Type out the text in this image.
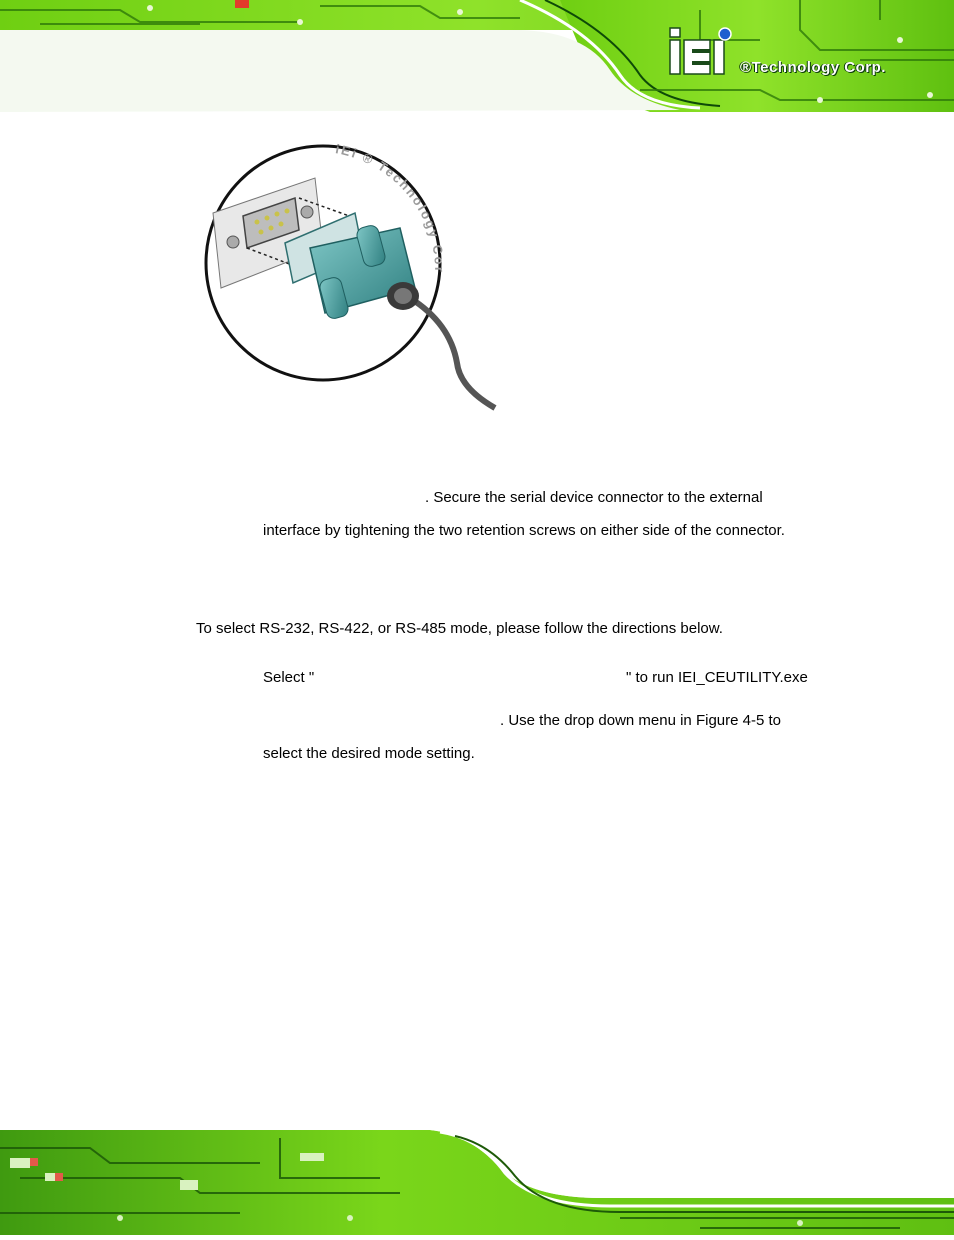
®Technology Corp.
iEi ® Technology Cor
. Secure the serial device connector to the external
interface by tightening the two retention screws on either side of the connector.
To select RS-232, RS-422, or RS-485 mode, please follow the directions below.
Select "	" to run IEI_CEUTILITY.exe
. Use the drop down menu in Figure 4-5 to
select the desired mode setting.
